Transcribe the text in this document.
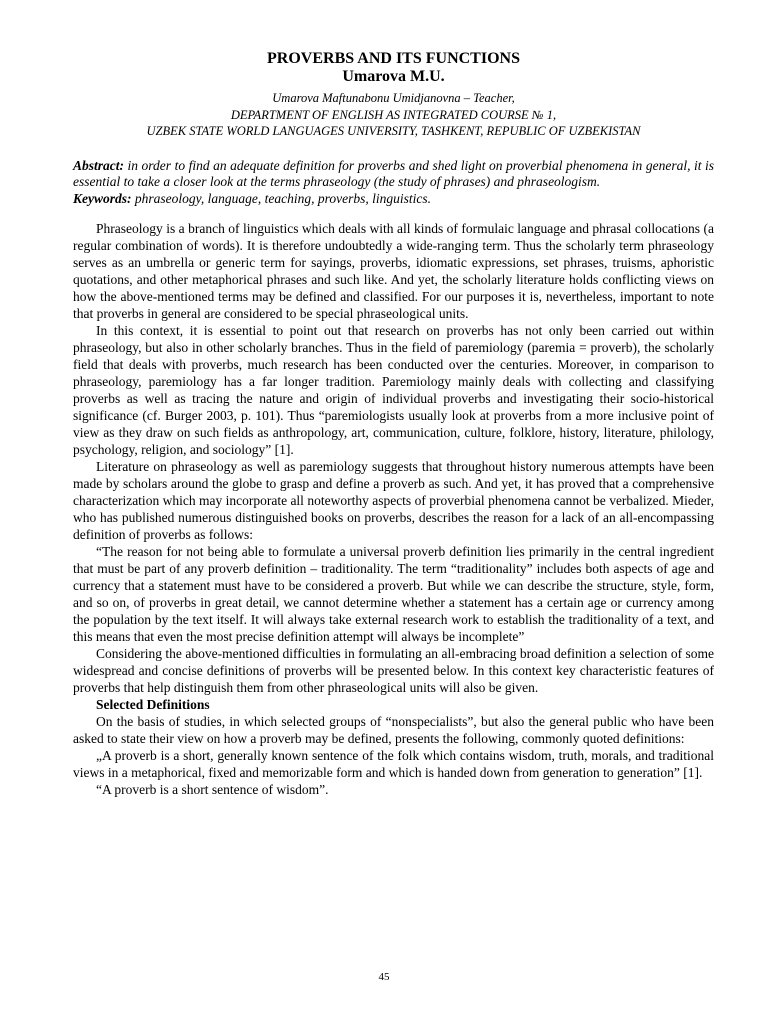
PROVERBS AND ITS FUNCTIONS
Umarova M.U.
Umarova Maftunabonu Umidjanovna – Teacher,
DEPARTMENT OF ENGLISH AS INTEGRATED COURSE № 1,
UZBEK STATE WORLD LANGUAGES UNIVERSITY, TASHKENT, REPUBLIC OF UZBEKISTAN

Abstract: in order to find an adequate definition for proverbs and shed light on proverbial phenomena in general, it is essential to take a closer look at the terms phraseology (the study of phrases) and phraseologism.

Keywords: phraseology, language, teaching, proverbs, linguistics.

Phraseology is a branch of linguistics which deals with all kinds of formulaic language and phrasal collocations (a regular combination of words). It is therefore undoubtedly a wide-ranging term. Thus the scholarly term phraseology serves as an umbrella or generic term for sayings, proverbs, idiomatic expressions, set phrases, truisms, aphoristic quotations, and other metaphorical phrases and such like. And yet, the scholarly literature holds conflicting views on how the above-mentioned terms may be defined and classified. For our purposes it is, nevertheless, important to note that proverbs in general are considered to be special phraseological units.

In this context, it is essential to point out that research on proverbs has not only been carried out within phraseology, but also in other scholarly branches. Thus in the field of paremiology (paremia = proverb), the scholarly field that deals with proverbs, much research has been conducted over the centuries. Moreover, in comparison to phraseology, paremiology has a far longer tradition. Paremiology mainly deals with collecting and classifying proverbs as well as tracing the nature and origin of individual proverbs and investigating their socio-historical significance (cf. Burger 2003, p. 101). Thus “paremiologists usually look at proverbs from a more inclusive point of view as they draw on such fields as anthropology, art, communication, culture, folklore, history, literature, philology, psychology, religion, and sociology” [1].

Literature on phraseology as well as paremiology suggests that throughout history numerous attempts have been made by scholars around the globe to grasp and define a proverb as such. And yet, it has proved that a comprehensive characterization which may incorporate all noteworthy aspects of proverbial phenomena cannot be verbalized. Mieder, who has published numerous distinguished books on proverbs, describes the reason for a lack of an all-encompassing definition of proverbs as follows:

“The reason for not being able to formulate a universal proverb definition lies primarily in the central ingredient that must be part of any proverb definition – traditionality. The term “traditionality” includes both aspects of age and currency that a statement must have to be considered a proverb. But while we can describe the structure, style, form, and so on, of proverbs in great detail, we cannot determine whether a statement has a certain age or currency among the population by the text itself. It will always take external research work to establish the traditionality of a text, and this means that even the most precise definition attempt will always be incomplete”

Considering the above-mentioned difficulties in formulating an all-embracing broad definition a selection of some widespread and concise definitions of proverbs will be presented below. In this context key characteristic features of proverbs that help distinguish them from other phraseological units will also be given.

Selected Definitions

On the basis of studies, in which selected groups of “nonspecialists”, but also the general public who have been asked to state their view on how a proverb may be defined, presents the following, commonly quoted definitions:

„A proverb is a short, generally known sentence of the folk which contains wisdom, truth, morals, and traditional views in a metaphorical, fixed and memorizable form and which is handed down from generation to generation” [1].

“A proverb is a short sentence of wisdom”.

45
